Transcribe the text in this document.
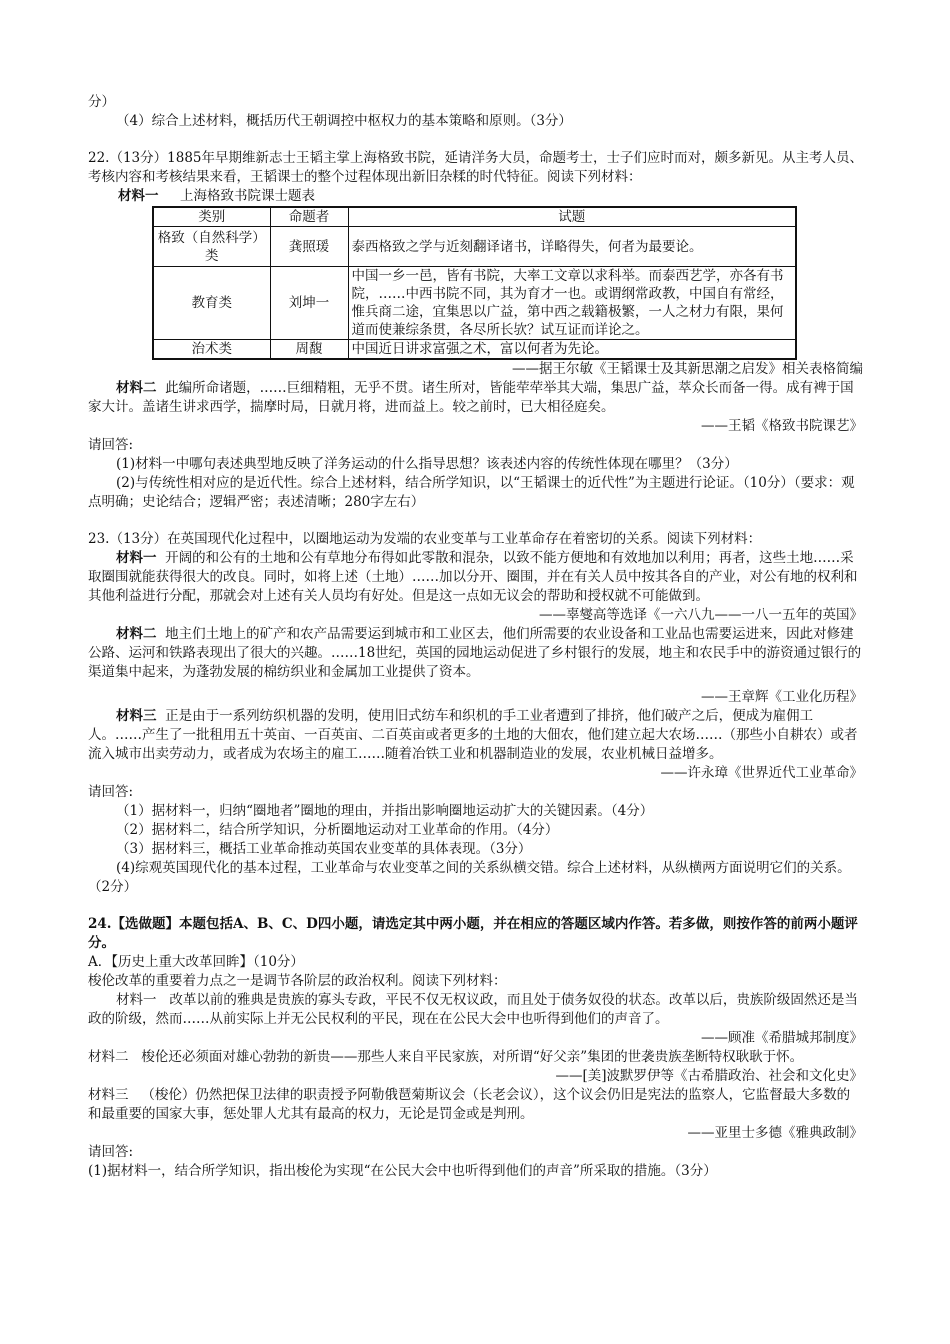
分）

（4）综合上述材料，概括历代王朝调控中枢权力的基本策略和原则。（3分）

22.（13分）1885年早期维新志士王韬主掌上海格致书院，延请洋务大员，命题考士，士子们应时而对，颇多新见。从主考人员、考核内容和考核结果来看，王韬课士的整个过程体现出新旧杂糅的时代特征。阅读下列材料：

材料一 上海格致书院课士题表

类别	命题者	试题
格致（自然科学）类	龚照瑗	泰西格致之学与近刻翻译诸书，详略得失，何者为最要论。
教育类	刘坤一	中国一乡一邑，皆有书院，大率工文章以求科举。而泰西艺学，亦各有书院，……中西书院不同，其为育才一也。或谓纲常政教，中国自有常经，惟兵商二途，宜集思以广益，第中西之载籍极繁，一人之材力有限，果何道而使兼综条贯，各尽所长欤？试互证而详论之。
治术类	周馥	中国近日讲求富强之术，富以何者为先论。

——据王尔敏《王韬课士及其新思潮之启发》相关表格简编

材料二 此编所命诸题，……巨细精粗，无乎不贯。诸生所对，皆能荦荦举其大端，集思广益，萃众长而备一得。成有裨于国家大计。盖诸生讲求西学，揣摩时局，日就月将，进而益上。较之前时，已大相径庭矣。

——王韬《格致书院课艺》

请回答:

(1)材料一中哪句表述典型地反映了洋务运动的什么指导思想？该表述内容的传统性体现在哪里？（3分）

(2)与传统性相对应的是近代性。综合上述材料，结合所学知识，以“王韬课士的近代性”为主题进行论证。（10分）（要求：观点明确；史论结合；逻辑严密；表述清晰；280字左右）

23.（13分）在英国现代化过程中，以圈地运动为发端的农业变革与工业革命存在着密切的关系。阅读下列材料：

材料一 开阔的和公有的土地和公有草地分布得如此零散和混杂，以致不能方便地和有效地加以利用；再者，这些土地……采取圈围就能获得很大的改良。同时，如将上述（土地）……加以分开、圈围，并在有关人员中按其各自的产业，对公有地的权利和其他利益进行分配，那就会对上述有关人员均有好处。但是这一点如无议会的帮助和授权就不可能做到。

——辜燮高等选译《一六八九——一八一五年的英国》

材料二 地主们土地上的矿产和农产品需要运到城市和工业区去，他们所需要的农业设备和工业品也需要运进来，因此对修建公路、运河和铁路表现出了很大的兴趣。……18世纪，英国的园地运动促进了乡村银行的发展，地主和农民手中的游资通过银行的渠道集中起来，为蓬勃发展的棉纺织业和金属加工业提供了资本。

——王章辉《工业化历程》

材料三 正是由于一系列纺织机器的发明，使用旧式纺车和织机的手工业者遭到了排挤，他们破产之后，便成为雇佣工人。……产生了一批租用五十英亩、一百英亩、二百英亩或者更多的土地的大佃农，他们建立起大农场……（那些小自耕农）或者流入城市出卖劳动力，或者成为农场主的雇工……随着冶铁工业和机器制造业的发展，农业机械日益增多。

——许永璋《世界近代工业革命》

请回答:

（1）据材料一，归纳“圈地者”圈地的理由，并指出影响圈地运动扩大的关键因素。（4分）

（2）据材料二，结合所学知识，分析圈地运动对工业革命的作用。（4分）

（3）据材料三，概括工业革命推动英国农业变革的具体表现。（3分）

(4)综观英国现代化的基本过程，工业革命与农业变革之间的关系纵横交错。综合上述材料，从纵横两方面说明它们的关系。（2分）

24.【选做题】本题包括A、B、C、D四小题，请选定其中两小题，并在相应的答题区域内作答。若多做，则按作答的前两小题评分。

A．【历史上重大改革回眸】（10分）

梭伦改革的重要着力点之一是调节各阶层的政治权利。阅读下列材料：

材料一 改革以前的雅典是贵族的寡头专政，平民不仅无权议政，而且处于债务奴役的状态。改革以后，贵族阶级固然还是当政的阶级，然而……从前实际上并无公民权利的平民，现在在公民大会中也听得到他们的声音了。

——顾准《希腊城邦制度》

材料二 梭伦还必须面对雄心勃勃的新贵——那些人来自平民家族，对所谓“好父亲”集团的世袭贵族垄断特权耿耿于怀。

——[美]波默罗伊等《古希腊政治、社会和文化史》

材料三 （梭伦）仍然把保卫法律的职责授予阿勒俄琶菊斯议会（长老会议），这个议会仍旧是宪法的监察人，它监督最大多数的和最重要的国家大事，惩处罪人尤其有最高的权力，无论是罚金或是判刑。

——亚里士多德《雅典政制》

请回答:

(1)据材料一，结合所学知识，指出梭伦为实现“在公民大会中也听得到他们的声音”所采取的措施。（3分）
